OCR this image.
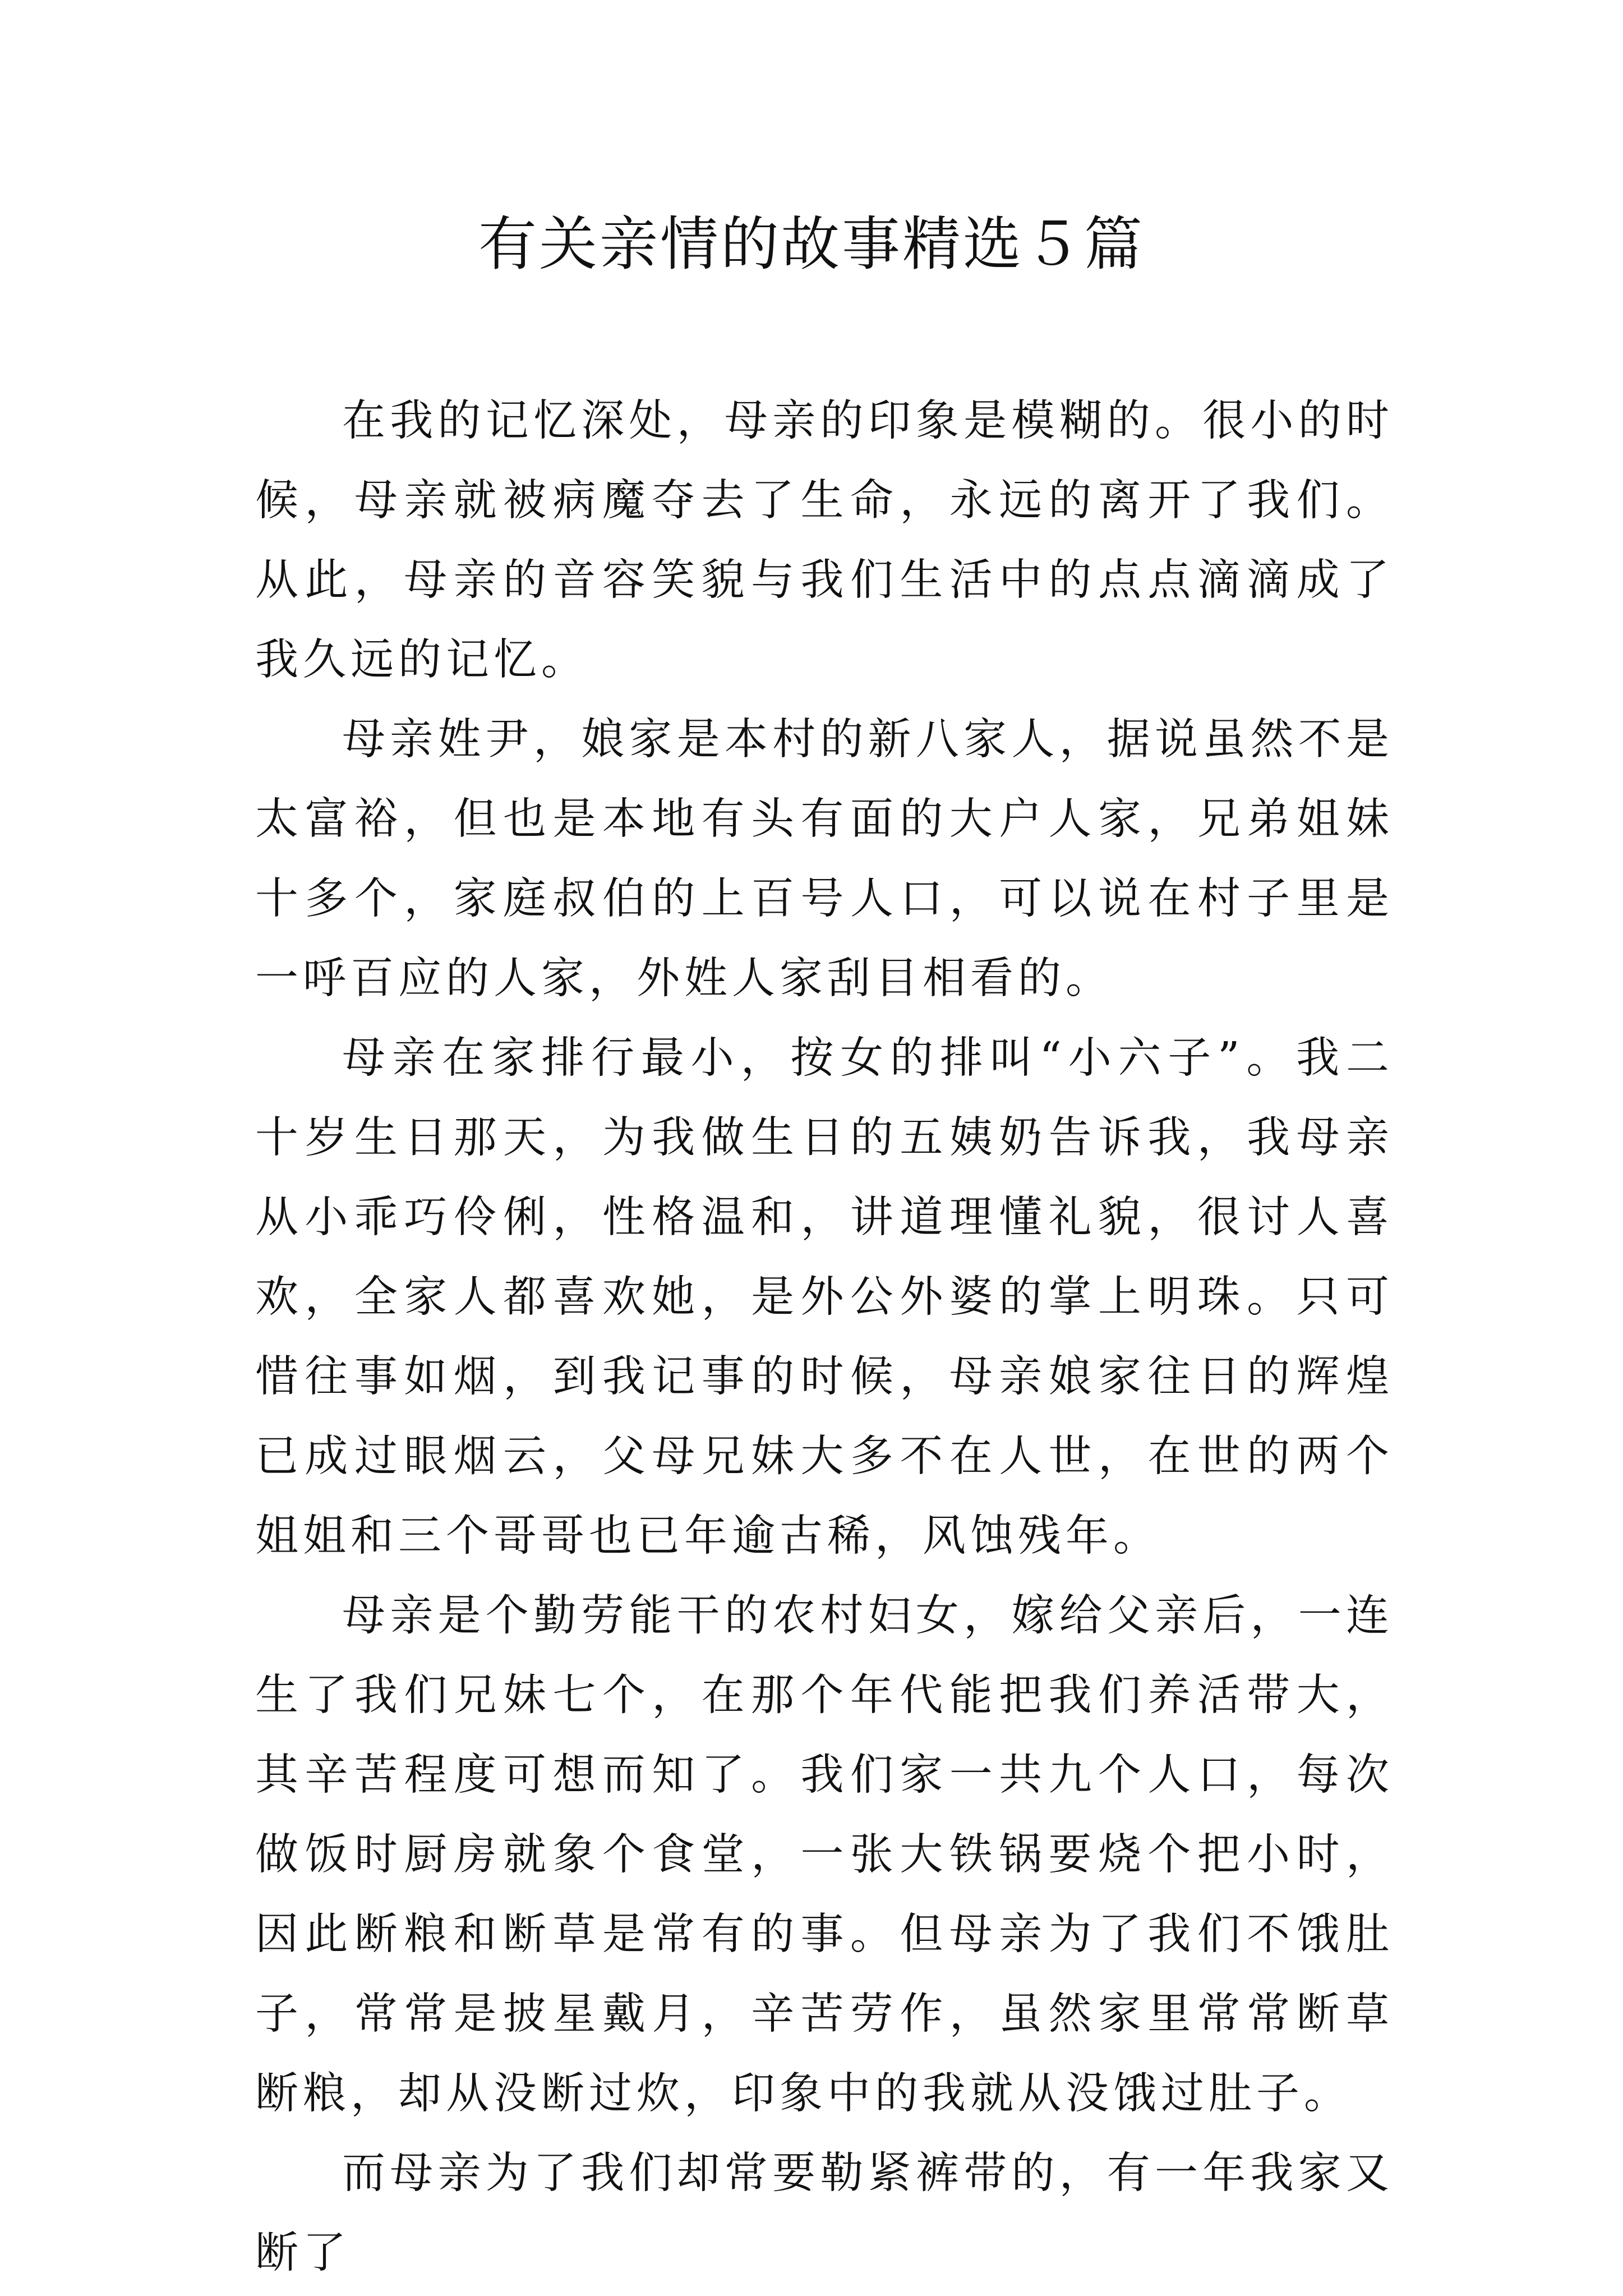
有关亲情的故事精选５篇

在我的记忆深处，母亲的印象是模糊的。很小的时候，母亲就被病魔夺去了生命，永远的离开了我们。从此，母亲的音容笑貌与我们生活中的点点滴滴成了我久远的记忆。

母亲姓尹，娘家是本村的新八家人，据说虽然不是太富裕，但也是本地有头有面的大户人家，兄弟姐妹十多个，家庭叔伯的上百号人口，可以说在村子里是一呼百应的人家，外姓人家刮目相看的。

母亲在家排行最小，按女的排叫“小六子”。我二十岁生日那天，为我做生日的五姨奶告诉我，我母亲从小乖巧伶俐，性格温和，讲道理懂礼貌，很讨人喜欢，全家人都喜欢她，是外公外婆的掌上明珠。只可惜往事如烟，到我记事的时候，母亲娘家往日的辉煌已成过眼烟云，父母兄妹大多不在人世，在世的两个姐姐和三个哥哥也已年逾古稀，风蚀残年。

母亲是个勤劳能干的农村妇女，嫁给父亲后，一连生了我们兄妹七个，在那个年代能把我们养活带大，其辛苦程度可想而知了。我们家一共九个人口，每次做饭时厨房就象个食堂，一张大铁锅要烧个把小时，因此断粮和断草是常有的事。但母亲为了我们不饿肚子，常常是披星戴月，辛苦劳作，虽然家里常常断草断粮，却从没断过炊，印象中的我就从没饿过肚子。

而母亲为了我们却常要勒紧裤带的，有一年我家又断了
